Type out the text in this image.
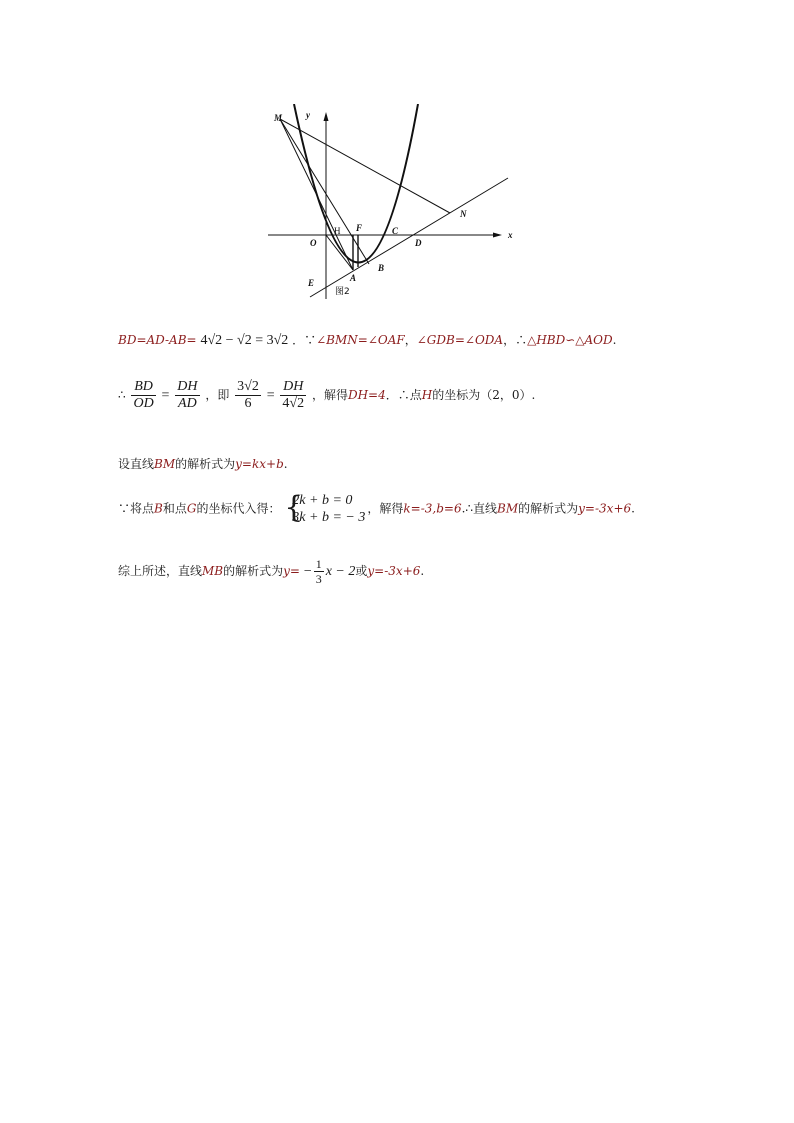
M	y
x
N
H F	C
O	D
B
A
E
图2
BD=AD-AB= 4√2 − √2 = 3√2 ．∵∠BMN=∠OAF，∠GDB=∠ODA，∴△HBD∽△AOD.
∴ $\frac{BD}{OD} = \frac{DH}{AD}$ ，即 $\frac{3√2}{6} = \frac{DH}{4√2}$ ，解得DH=4．∴点H的坐标为（2，0）.
设直线BM的解析式为y=kx+b.
∵将点B和点G的坐标代入得： {
2k + b = 0
3k + b = − 3
，解得k=-3,b=6.∴直线BM的解析式为y=-3x+6.
综上所述，直线MB的解析式为$y= - \frac{1}{3}$ x − 2或y=-3x+6.
